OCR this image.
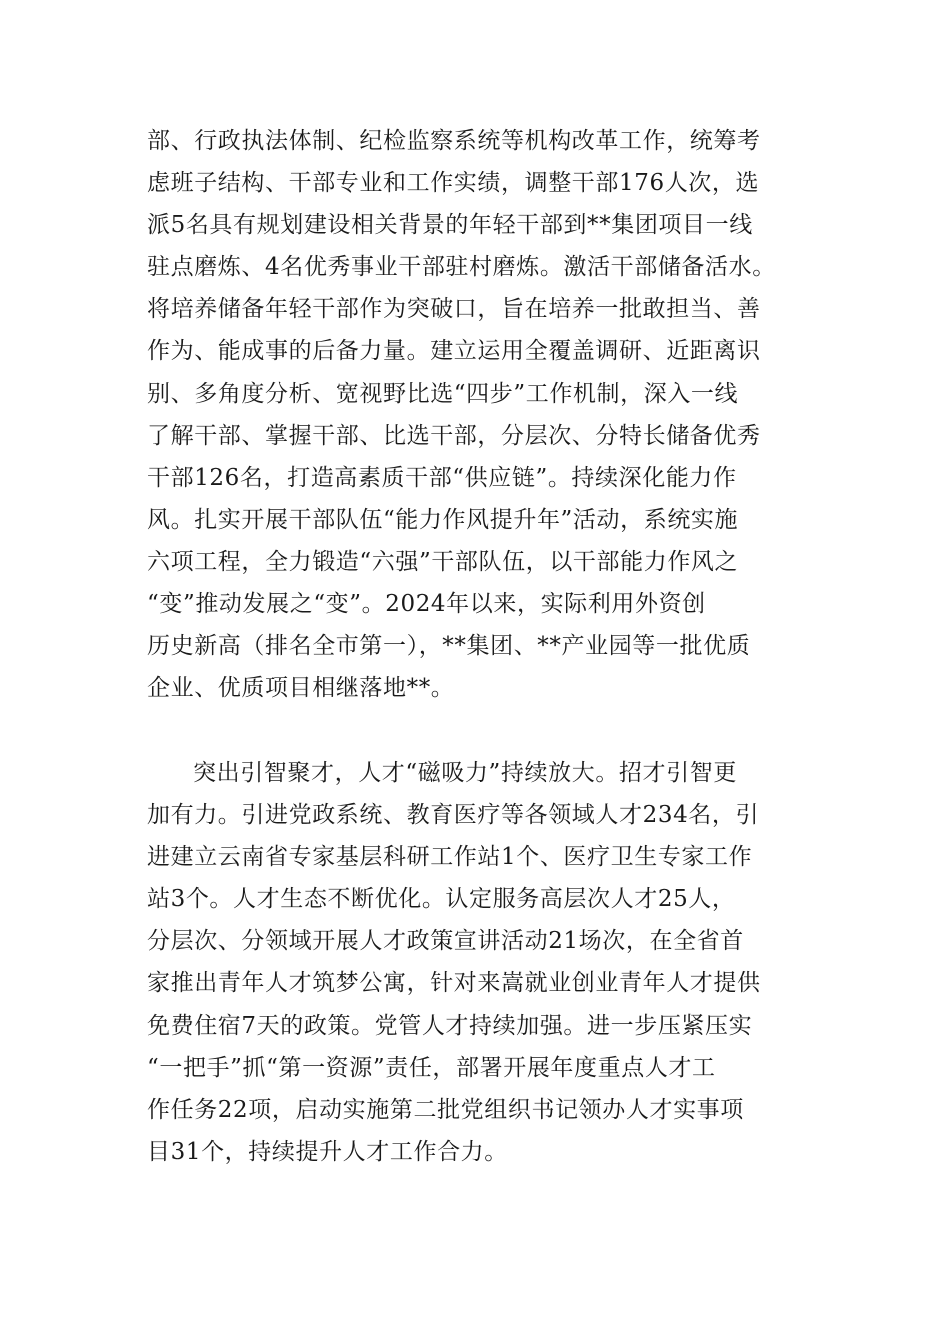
部、行政执法体制、纪检监察系统等机构改革工作，统筹考
虑班子结构、干部专业和工作实绩，调整干部176人次，选
派5名具有规划建设相关背景的年轻干部到**集团项目一线
驻点磨炼、4名优秀事业干部驻村磨炼。激活干部储备活水。
将培养储备年轻干部作为突破口，旨在培养一批敢担当、善
作为、能成事的后备力量。建立运用全覆盖调研、近距离识
别、多角度分析、宽视野比选“四步”工作机制，深入一线
了解干部、掌握干部、比选干部，分层次、分特长储备优秀
干部126名，打造高素质干部“供应链”。持续深化能力作
风。扎实开展干部队伍“能力作风提升年”活动，系统实施
六项工程，全力锻造“六强”干部队伍，以干部能力作风之
“变”推动发展之“变”。2024年以来，实际利用外资创
历史新高（排名全市第一），**集团、**产业园等一批优质
企业、优质项目相继落地**。
突出引智聚才，人才“磁吸力”持续放大。招才引智更
加有力。引进党政系统、教育医疗等各领域人才234名，引
进建立云南省专家基层科研工作站1个、医疗卫生专家工作
站3个。人才生态不断优化。认定服务高层次人才25人，
分层次、分领域开展人才政策宣讲活动21场次，在全省首
家推出青年人才筑梦公寓，针对来嵩就业创业青年人才提供
免费住宿7天的政策。党管人才持续加强。进一步压紧压实
“一把手”抓“第一资源”责任，部署开展年度重点人才工
作任务22项，启动实施第二批党组织书记领办人才实事项
目31个，持续提升人才工作合力。
